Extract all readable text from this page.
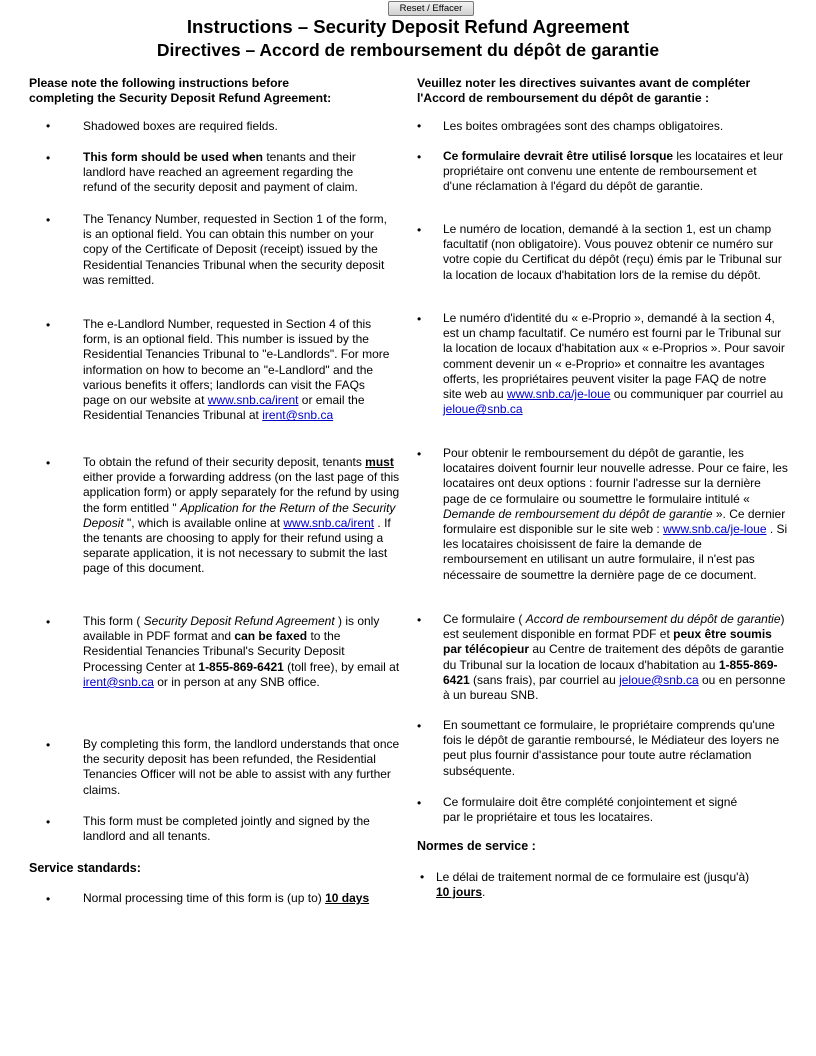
Reset / Effacer
Instructions – Security Deposit Refund Agreement
Directives – Accord de remboursement du dépôt de garantie
Please note the following instructions before
completing the Security Deposit Refund Agreement:
•	Shadowed boxes are required fields.
•	This form should be used when tenants and their landlord have reached an agreement regarding the refund of the security deposit and payment of claim.
•	The Tenancy Number, requested in Section 1 of the form, is an optional field. You can obtain this number on your copy of the Certificate of Deposit (receipt) issued by the Residential Tenancies Tribunal when the security deposit was remitted.
•	The e-Landlord Number, requested in Section 4 of this form, is an optional field. This number is issued by the Residential Tenancies Tribunal to "e-Landlords". For more information on how to become an "e-Landlord" and the various benefits it offers; landlords can visit the FAQs page on our website at www.snb.ca/irent or email the Residential Tenancies Tribunal at irent@snb.ca
•	To obtain the refund of their security deposit, tenants must either provide a forwarding address (on the last page of this application form) or apply separately for the refund by using the form entitled " Application for the Return of the Security Deposit ", which is available online at www.snb.ca/irent . If the tenants are choosing to apply for their refund using a separate application, it is not necessary to submit the last page of this document.
•	This form ( Security Deposit Refund Agreement ) is only available in PDF format and can be faxed to the Residential Tenancies Tribunal's Security Deposit Processing Center at 1-855-869-6421 (toll free), by email at irent@snb.ca or in person at any SNB office.
•	By completing this form, the landlord understands that once the security deposit has been refunded, the Residential Tenancies Officer will not be able to assist with any further claims.
•	This form must be completed jointly and signed by the landlord and all tenants.
Service standards:
•	Normal processing time of this form is (up to) 10 days
Veuillez noter les directives suivantes avant de compléter
l'Accord de remboursement du dépôt de garantie :
• Les boites ombragées sont des champs obligatoires.
• Ce formulaire devrait être utilisé lorsque les locataires et leur propriétaire ont convenu une entente de remboursement et d'une réclamation à l'égard du dépôt de garantie.
• Le numéro de location, demandé à la section 1, est un champ facultatif (non obligatoire). Vous pouvez obtenir ce numéro sur votre copie du Certificat du dépôt (reçu) émis par le Tribunal sur la location de locaux d'habitation lors de la remise du dépôt.
• Le numéro d'identité du « e-Proprio », demandé à la section 4, est un champ facultatif. Ce numéro est fourni par le Tribunal sur la location de locaux d'habitation aux « e-Proprios ». Pour savoir comment devenir un « e-Proprio» et connaitre les avantages offerts, les propriétaires peuvent visiter la page FAQ de notre site web au www.snb.ca/je-loue ou communiquer par courriel au jeloue@snb.ca
• Pour obtenir le remboursement du dépôt de garantie, les locataires doivent fournir leur nouvelle adresse. Pour ce faire, les locataires ont deux options : fournir l'adresse sur la dernière page de ce formulaire ou soumettre le formulaire intitulé « Demande de remboursement du dépôt de garantie ». Ce dernier formulaire est disponible sur le site web : www.snb.ca/je-loue . Si les locataires choisissent de faire la demande de remboursement en utilisant un autre formulaire, il n'est pas nécessaire de soumettre la dernière page de ce document.
• Ce formulaire ( Accord de remboursement du dépôt de garantie) est seulement disponible en format PDF et peux être soumis par télécopieur au Centre de traitement des dépôts de garantie du Tribunal sur la location de locaux d'habitation au 1-855-869-6421 (sans frais), par courriel au jeloue@snb.ca ou en personne à un bureau SNB.
• En soumettant ce formulaire, le propriétaire comprends qu'une fois le dépôt de garantie remboursé, le Médiateur des loyers ne peut plus fournir d'assistance pour toute autre réclamation subséquente.
• Ce formulaire doit être complété conjointement et signé par le propriétaire et tous les locataires.
Normes de service :
• Le délai de traitement normal de ce formulaire est (jusqu'à)
10 jours.
